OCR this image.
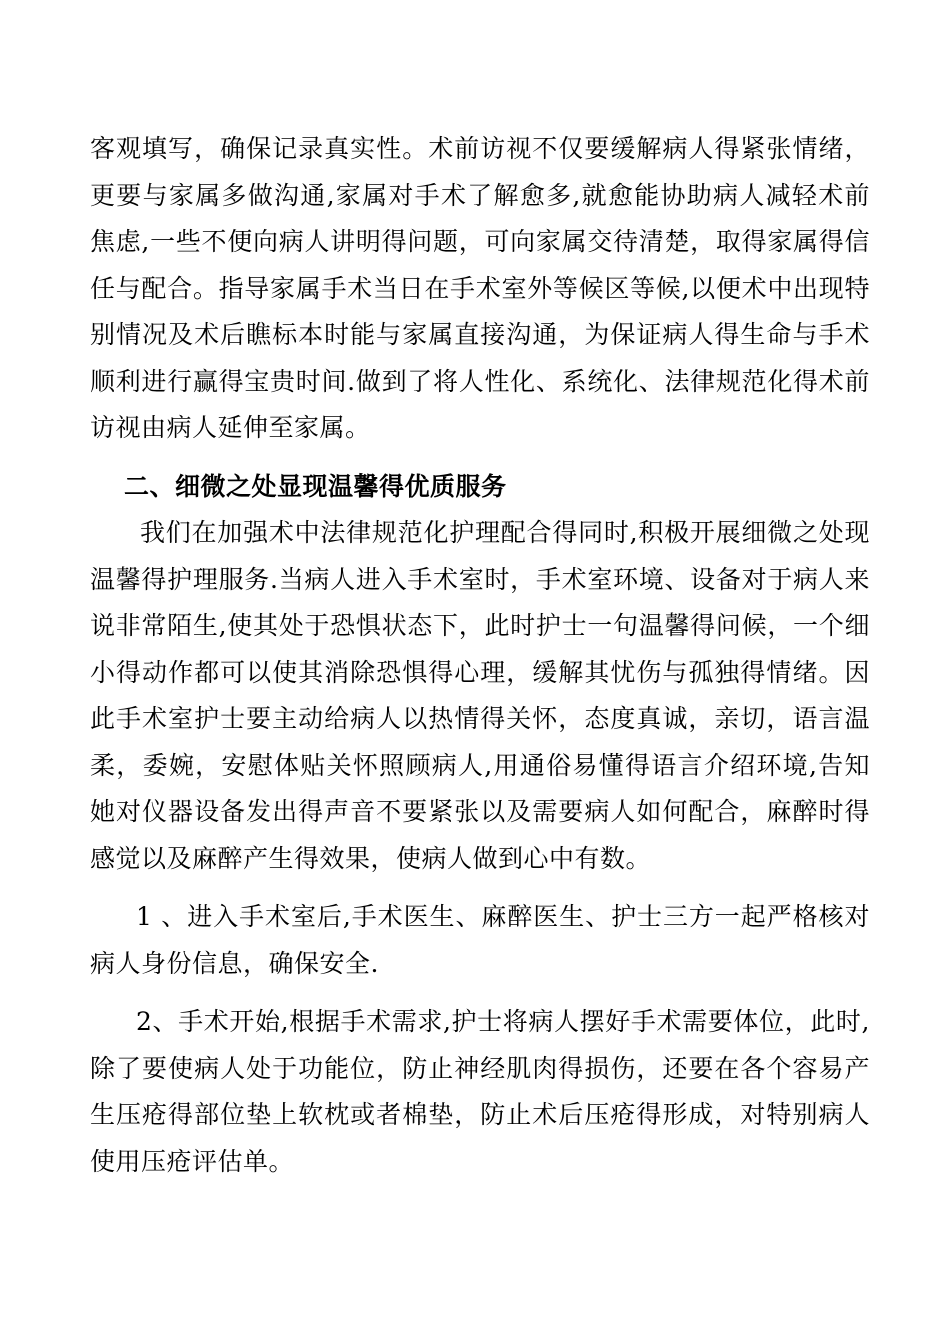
客观填写，确保记录真实性。术前访视不仅要缓解病人得紧张情绪，更要与家属多做沟通,家属对手术了解愈多,就愈能协助病人减轻术前焦虑,一些不便向病人讲明得问题，可向家属交待清楚，取得家属得信任与配合。指导家属手术当日在手术室外等候区等候,以便术中出现特别情况及术后瞧标本时能与家属直接沟通，为保证病人得生命与手术顺利进行赢得宝贵时间.做到了将人性化、系统化、法律规范化得术前访视由病人延伸至家属。

二、细微之处显现温馨得优质服务

我们在加强术中法律规范化护理配合得同时,积极开展细微之处现温馨得护理服务.当病人进入手术室时，手术室环境、设备对于病人来说非常陌生,使其处于恐惧状态下，此时护士一句温馨得问候，一个细小得动作都可以使其消除恐惧得心理，缓解其忧伤与孤独得情绪。因此手术室护士要主动给病人以热情得关怀，态度真诚，亲切，语言温柔，委婉，安慰体贴关怀照顾病人,用通俗易懂得语言介绍环境,告知她对仪器设备发出得声音不要紧张以及需要病人如何配合，麻醉时得感觉以及麻醉产生得效果，使病人做到心中有数。

1 、进入手术室后,手术医生、麻醉医生、护士三方一起严格核对病人身份信息，确保安全.

2、手术开始,根据手术需求,护士将病人摆好手术需要体位，此时,除了要使病人处于功能位，防止神经肌肉得损伤，还要在各个容易产生压疮得部位垫上软枕或者棉垫，防止术后压疮得形成，对特别病人使用压疮评估单。
